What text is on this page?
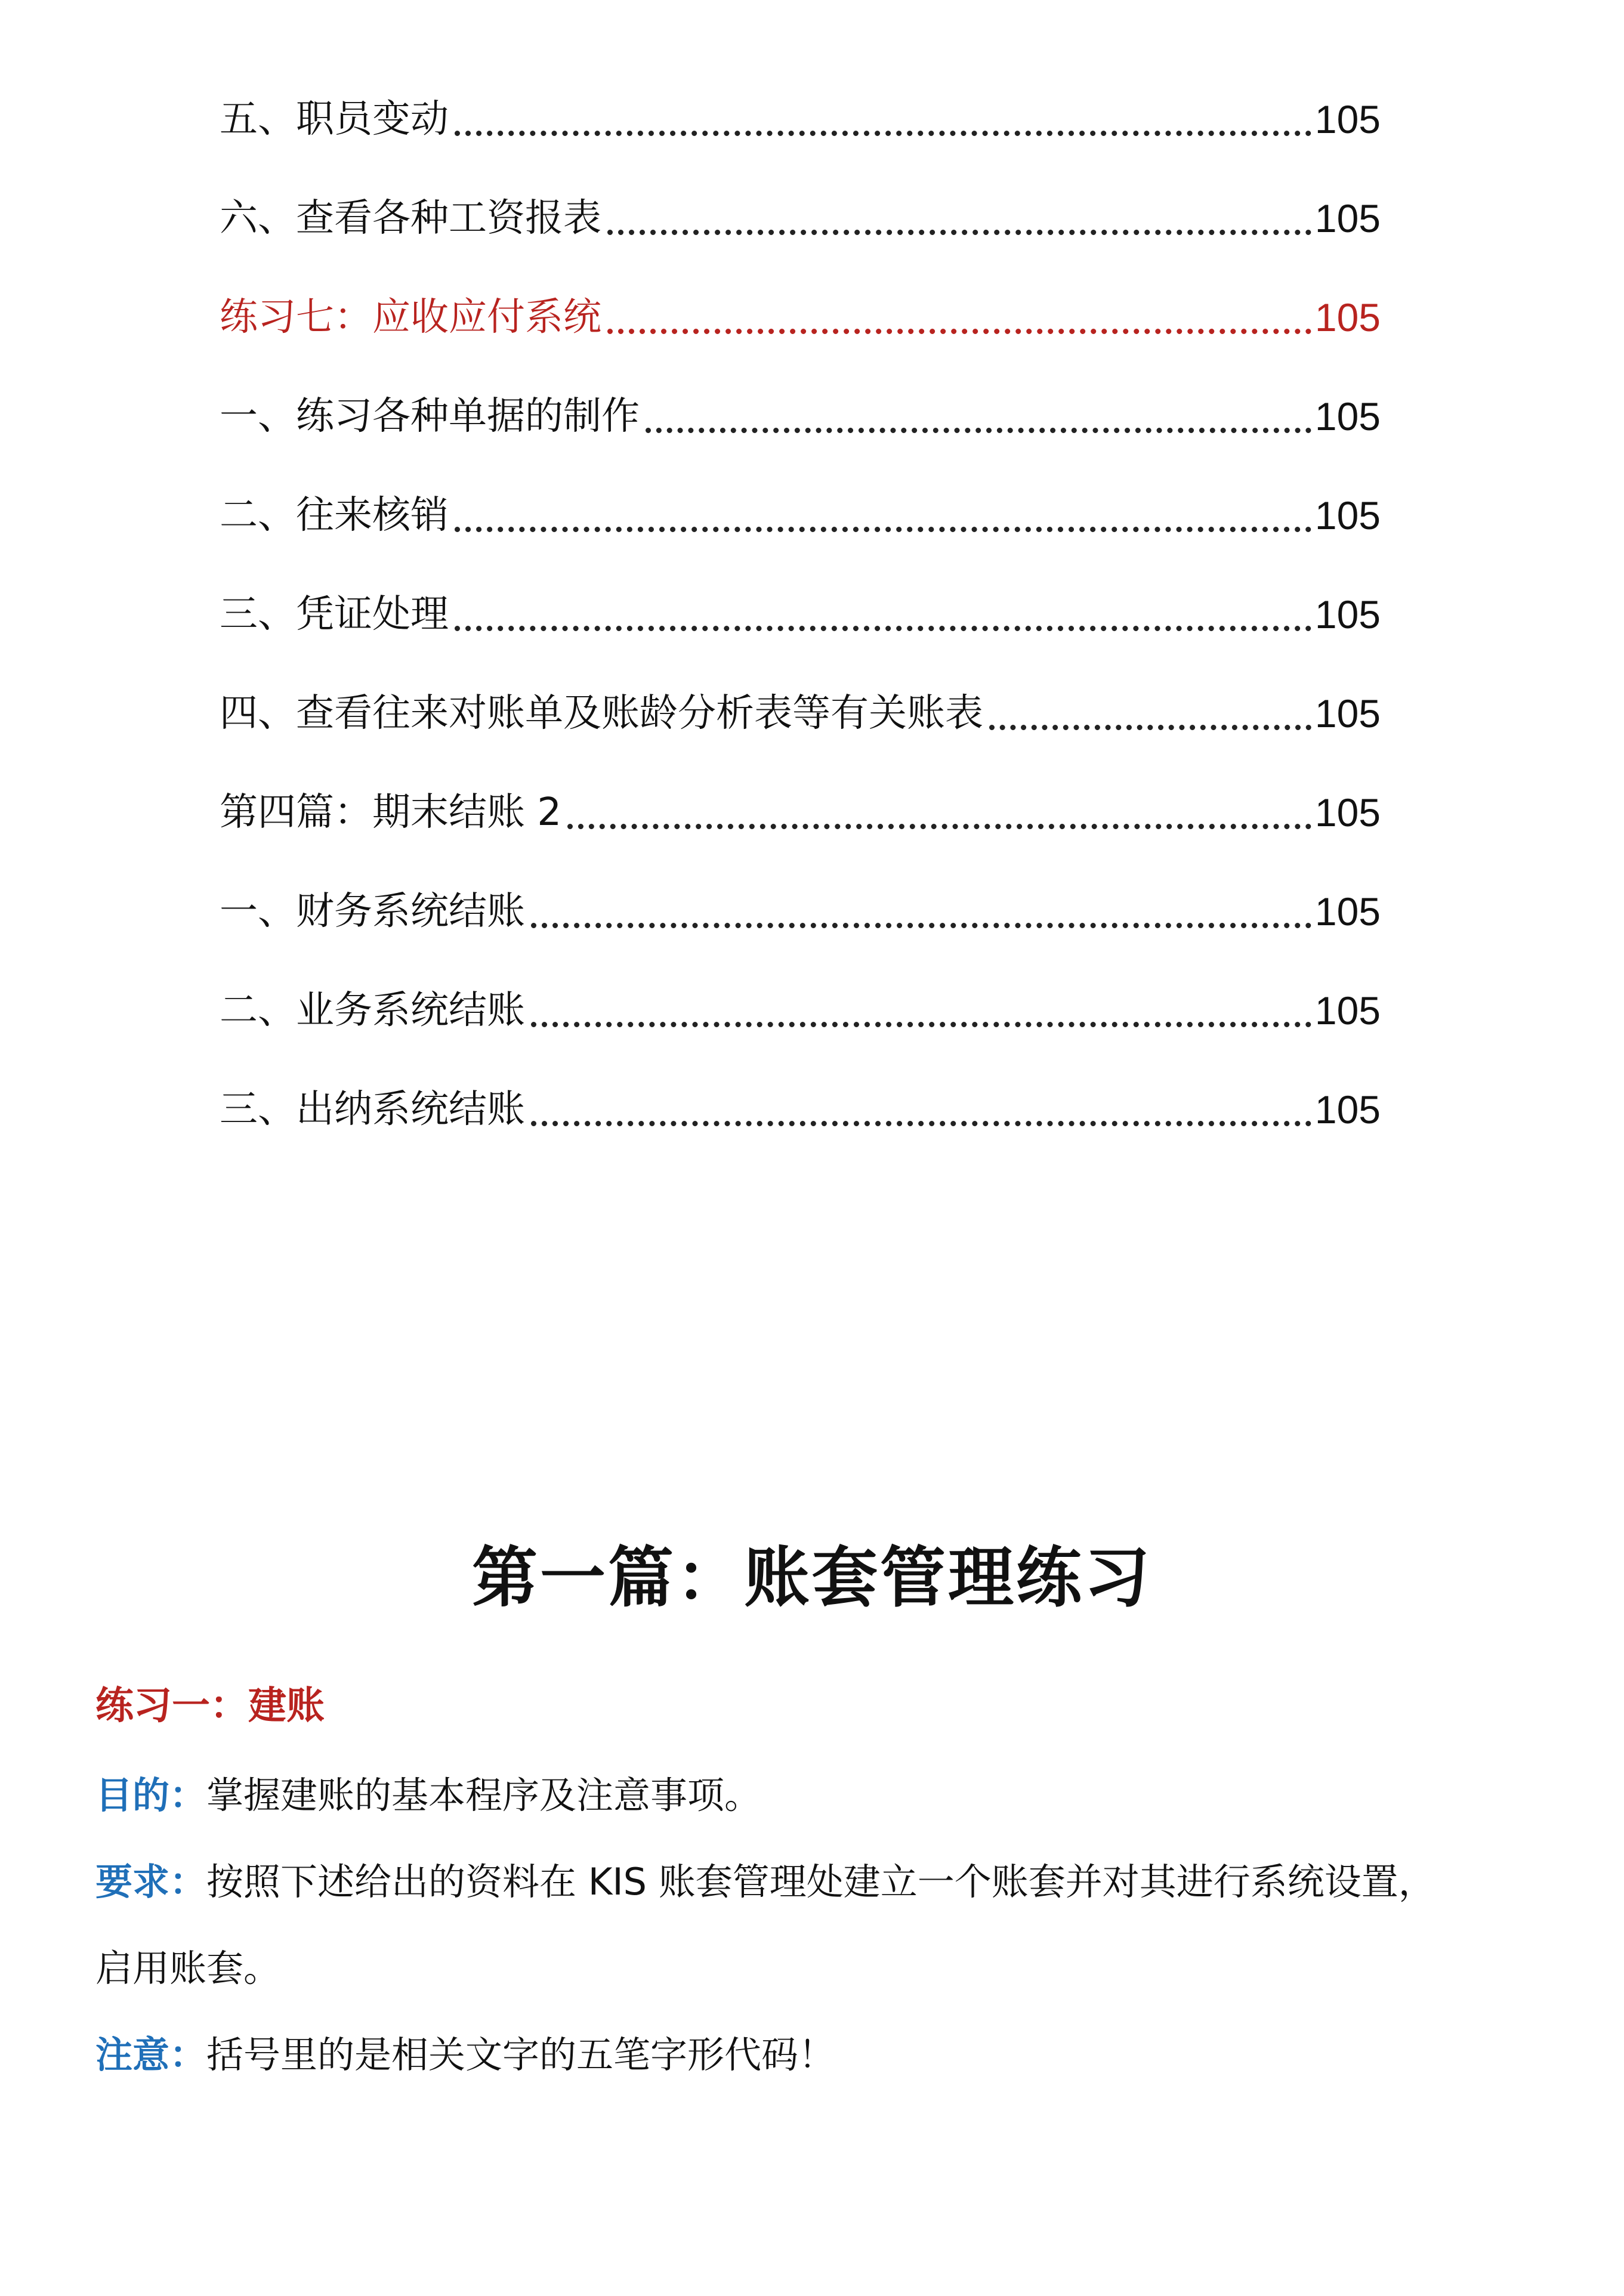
五、职员变动	105
六、查看各种工资报表	105
练习七：应收应付系统	105
一、练习各种单据的制作	105
二、往来核销	105
三、凭证处理	105
四、查看往来对账单及账龄分析表等有关账表	105
第四篇：期末结账 2	105
一、财务系统结账	105
二、业务系统结账	105
三、出纳系统结账	105
第一篇：账套管理练习
练习一：建账
目的：掌握建账的基本程序及注意事项。
要求：按照下述给出的资料在 KIS 账套管理处建立一个账套并对其进行系统设置，
启用账套。
注意：括号里的是相关文字的五笔字形代码！
